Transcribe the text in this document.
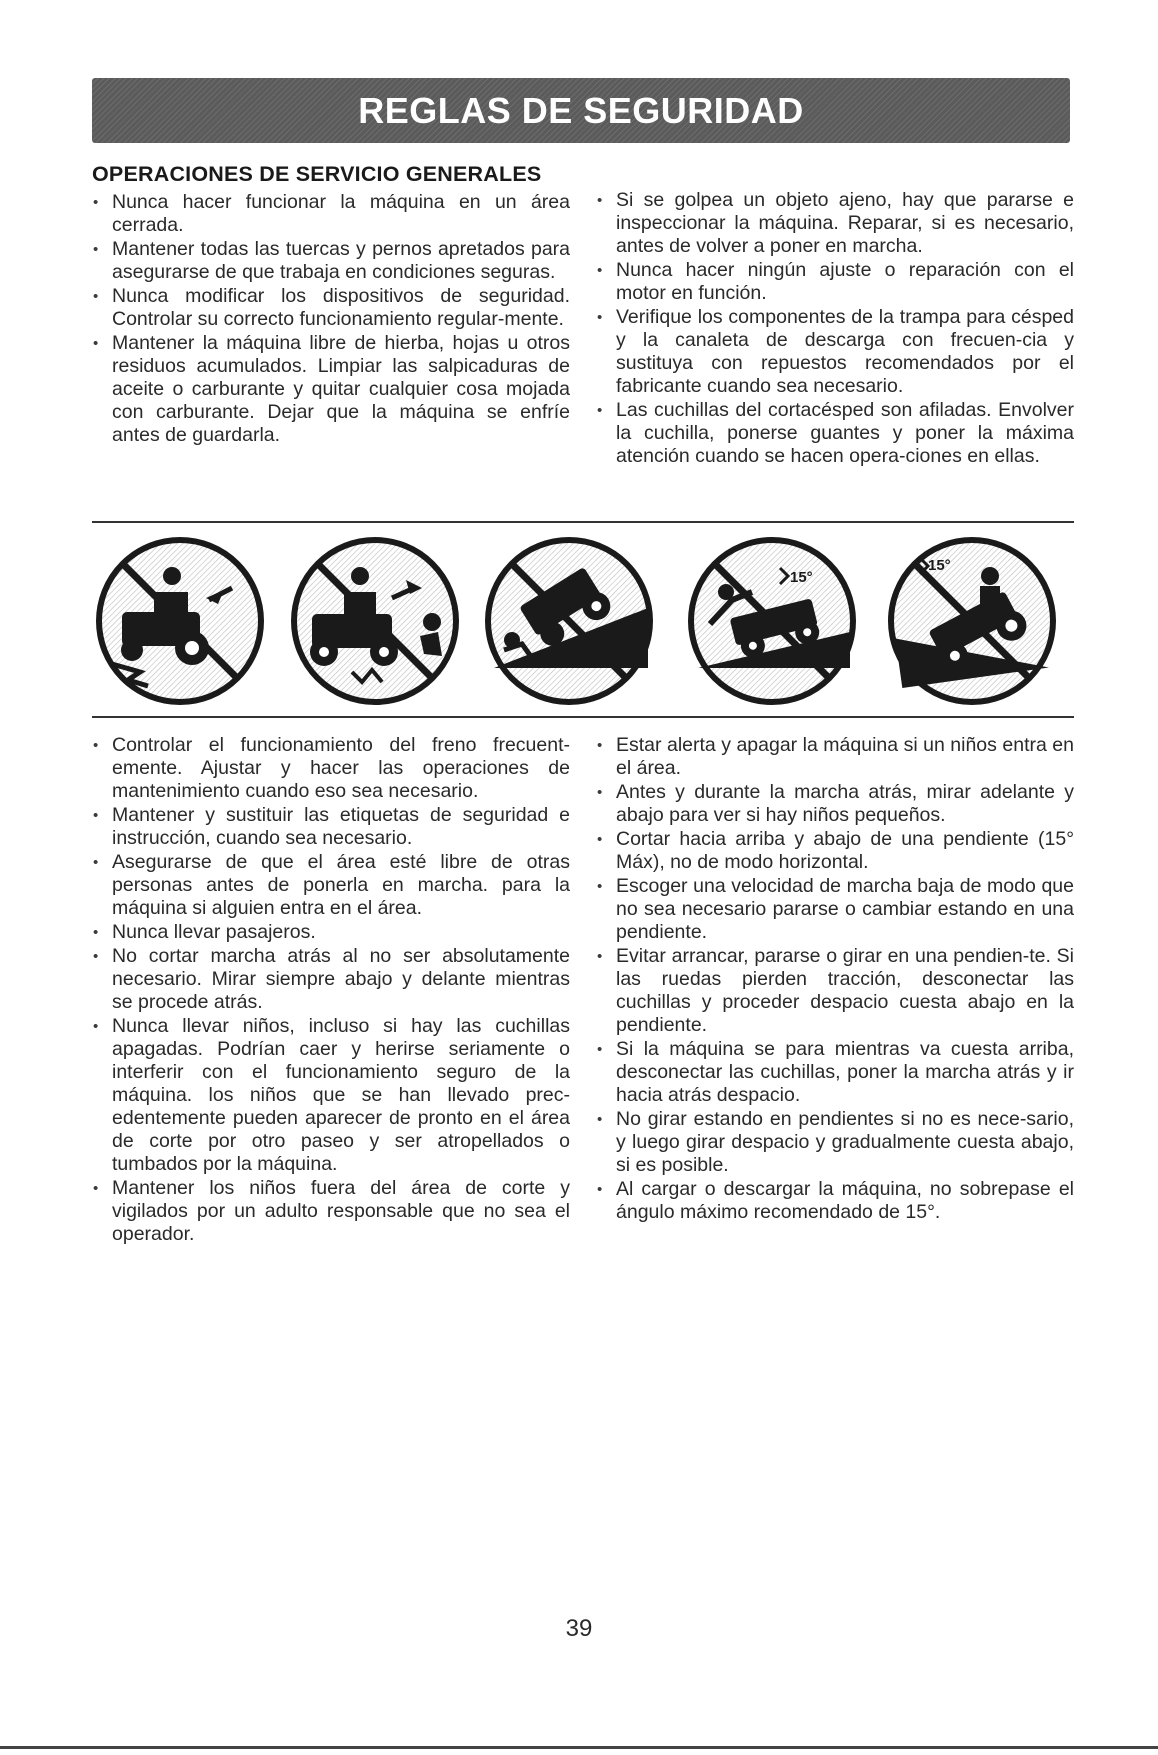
REGLAS DE SEGURIDAD
OPERACIONES DE SERVICIO GENERALES
• Nunca hacer funcionar la máquina en un área cerrada.
• Mantener todas las tuercas y pernos apretados para asegurarse de que trabaja en condiciones seguras.
• Nunca modificar los dispositivos de seguridad. Controlar su correcto funcionamiento regular-mente.
• Mantener la máquina libre de hierba, hojas u otros residuos acumulados. Limpiar las salpicaduras de aceite o carburante y quitar cualquier cosa mojada con carburante. Dejar que la máquina se enfríe antes de guardarla.
• Si se golpea un objeto ajeno, hay que pararse e inspeccionar la máquina. Reparar, si es necesario, antes de volver a poner en marcha.
• Nunca hacer ningún ajuste o reparación con el motor en función.
• Verifique los componentes de la trampa para césped y la canaleta de descarga con frecuen-cia y sustituya con repuestos recomendados por el fabricante cuando sea necesario.
• Las cuchillas del cortacésped son afiladas. Envolver la cuchilla, ponerse guantes y poner la máxima atención cuando se hacen opera-ciones en ellas.
15°
15°
• Controlar el funcionamiento del freno frecuent-emente. Ajustar y hacer las operaciones de mantenimiento cuando eso sea necesario.
• Mantener y sustituir las etiquetas de seguridad e instrucción, cuando sea necesario.
• Asegurarse de que el área esté libre de otras personas antes de ponerla en marcha. para la máquina si alguien entra en el área.
• Nunca llevar pasajeros.
• No cortar marcha atrás al no ser absolutamente necesario. Mirar siempre abajo y delante mientras se procede atrás.
• Nunca llevar niños, incluso si hay las cuchillas apagadas. Podrían caer y herirse seriamente o interferir con el funcionamiento seguro de la máquina. los niños que se han llevado prec-edentemente pueden aparecer de pronto en el área de corte por otro paseo y ser atropellados o tumbados por la máquina.
• Mantener los niños fuera del área de corte y vigilados por un adulto responsable que no sea el operador.
• Estar alerta y apagar la máquina si un niños entra en el área.
• Antes y durante la marcha atrás, mirar adelante y abajo para ver si hay niños pequeños.
• Cortar hacia arriba y abajo de una pendiente (15° Máx), no de modo horizontal.
• Escoger una velocidad de marcha baja de modo que no sea necesario pararse o cambiar estando en una pendiente.
• Evitar arrancar, pararse o girar en una pendien-te. Si las ruedas pierden tracción, desconectar las cuchillas y proceder despacio cuesta abajo en la pendiente.
• Si la máquina se para mientras va cuesta arriba, desconectar las cuchillas, poner la marcha atrás y ir hacia atrás despacio.
• No girar estando en pendientes si no es nece-sario, y luego girar despacio y gradualmente cuesta abajo, si es posible.
• Al cargar o descargar la máquina, no sobrepase el ángulo máximo recomendado de 15°.
39
